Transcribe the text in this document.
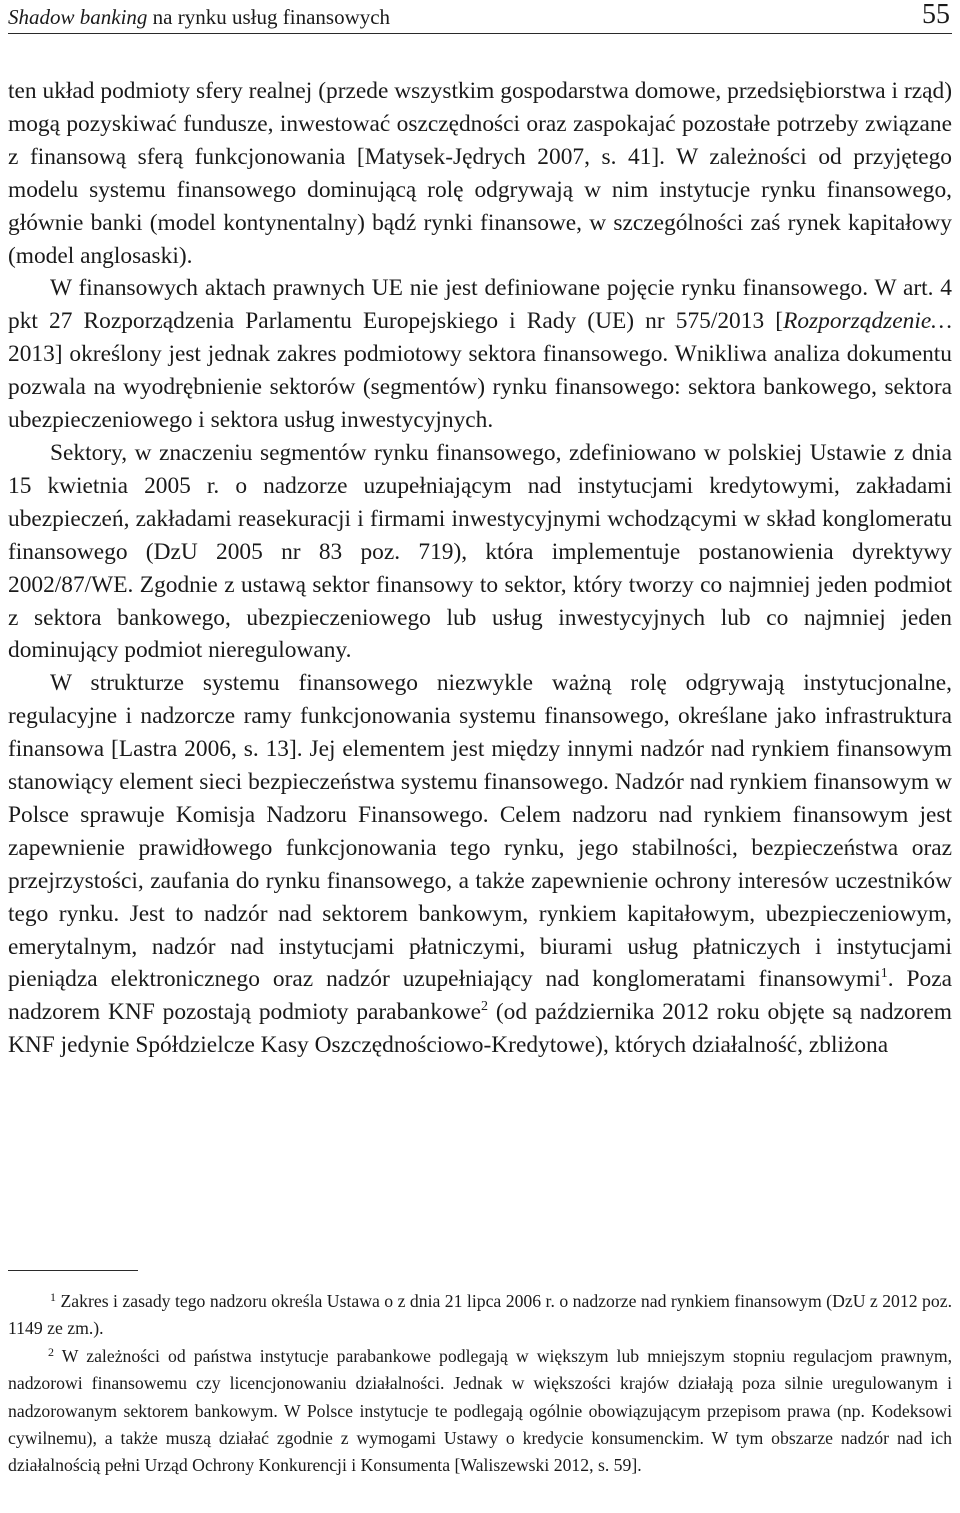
Shadow banking na rynku usług finansowych	55

ten układ podmioty sfery realnej (przede wszystkim gospodarstwa domowe, przedsiębiorstwa i rząd) mogą pozyskiwać fundusze, inwestować oszczędności oraz zaspokajać pozostałe potrzeby związane z finansową sferą funkcjonowania [Matysek-Jędrych 2007, s. 41]. W zależności od przyjętego modelu systemu finansowego dominującą rolę odgrywają w nim instytucje rynku finansowego, głównie banki (model kontynentalny) bądź rynki finansowe, w szczególności zaś rynek kapitałowy (model anglosaski).

W finansowych aktach prawnych UE nie jest definiowane pojęcie rynku finansowego. W art. 4 pkt 27 Rozporządzenia Parlamentu Europejskiego i Rady (UE) nr 575/2013 [Rozporządzenie… 2013] określony jest jednak zakres podmiotowy sektora finansowego. Wnikliwa analiza dokumentu pozwala na wyodrębnienie sektorów (segmentów) rynku finansowego: sektora bankowego, sektora ubezpieczeniowego i sektora usług inwestycyjnych.

Sektory, w znaczeniu segmentów rynku finansowego, zdefiniowano w polskiej Ustawie z dnia 15 kwietnia 2005 r. o nadzorze uzupełniającym nad instytucjami kredytowymi, zakładami ubezpieczeń, zakładami reasekuracji i firmami inwestycyjnymi wchodzącymi w skład konglomeratu finansowego (DzU 2005 nr 83 poz. 719), która implementuje postanowienia dyrektywy 2002/87/WE. Zgodnie z ustawą sektor finansowy to sektor, który tworzy co najmniej jeden podmiot z sektora bankowego, ubezpieczeniowego lub usług inwestycyjnych lub co najmniej jeden dominujący podmiot nieregulowany.

W strukturze systemu finansowego niezwykle ważną rolę odgrywają instytucjonalne, regulacyjne i nadzorcze ramy funkcjonowania systemu finansowego, określane jako infrastruktura finansowa [Lastra 2006, s. 13]. Jej elementem jest między innymi nadzór nad rynkiem finansowym stanowiący element sieci bezpieczeństwa systemu finansowego. Nadzór nad rynkiem finansowym w Polsce sprawuje Komisja Nadzoru Finansowego. Celem nadzoru nad rynkiem finansowym jest zapewnienie prawidłowego funkcjonowania tego rynku, jego stabilności, bezpieczeństwa oraz przejrzystości, zaufania do rynku finansowego, a także zapewnienie ochrony interesów uczestników tego rynku. Jest to nadzór nad sektorem bankowym, rynkiem kapitałowym, ubezpieczeniowym, emerytalnym, nadzór nad instytucjami płatniczymi, biurami usług płatniczych i instytucjami pieniądza elektronicznego oraz nadzór uzupełniający nad konglomeratami finansowymi$^1$. Poza nadzorem KNF pozostają podmioty parabankowe$^2$ (od października 2012 roku objęte są nadzorem KNF jedynie Spółdzielcze Kasy Oszczędnościowo-Kredytowe), których działalność, zbliżona

$^1$ Zakres i zasady tego nadzoru określa Ustawa o z dnia 21 lipca 2006 r. o nadzorze nad rynkiem finansowym (DzU z 2012 poz. 1149 ze zm.).

$^2$ W zależności od państwa instytucje parabankowe podlegają w większym lub mniejszym stopniu regulacjom prawnym, nadzorowi finansowemu czy licencjonowaniu działalności. Jednak w większości krajów działają poza silnie uregulowanym i nadzorowanym sektorem bankowym. W Polsce instytucje te podlegają ogólnie obowiązującym przepisom prawa (np. Kodeksowi cywilnemu), a także muszą działać zgodnie z wymogami Ustawy o kredycie konsumenckim. W tym obszarze nadzór nad ich działalnością pełni Urząd Ochrony Konkurencji i Konsumenta [Waliszewski 2012, s. 59].
